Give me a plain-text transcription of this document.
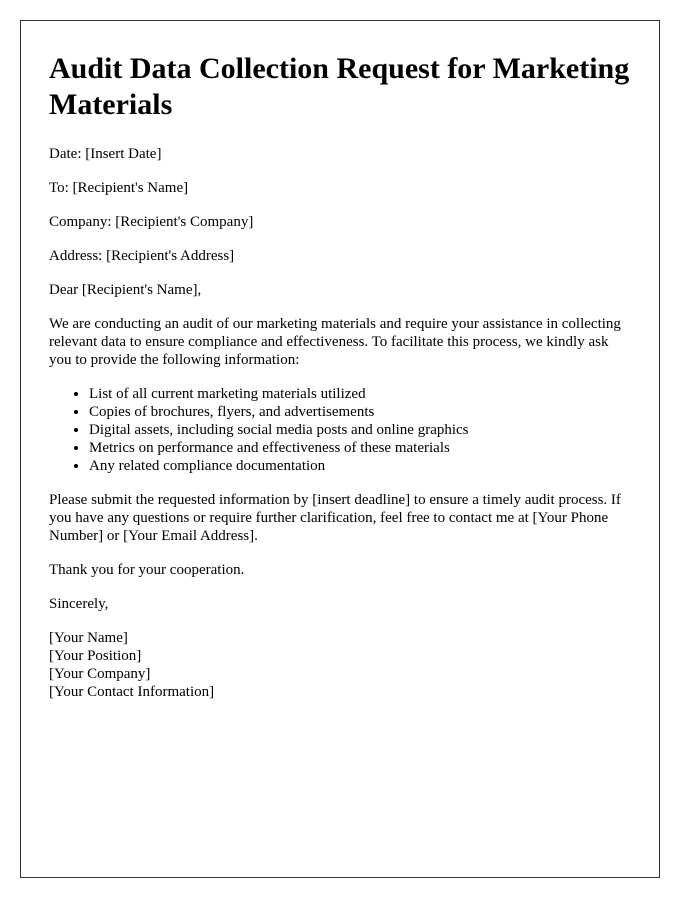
Audit Data Collection Request for Marketing Materials

Date: [Insert Date]

To: [Recipient's Name]

Company: [Recipient's Company]

Address: [Recipient's Address]

Dear [Recipient's Name],

We are conducting an audit of our marketing materials and require your assistance in collecting relevant data to ensure compliance and effectiveness. To facilitate this process, we kindly ask you to provide the following information:

• List of all current marketing materials utilized
• Copies of brochures, flyers, and advertisements
• Digital assets, including social media posts and online graphics
• Metrics on performance and effectiveness of these materials
• Any related compliance documentation

Please submit the requested information by [insert deadline] to ensure a timely audit process. If you have any questions or require further clarification, feel free to contact me at [Your Phone Number] or [Your Email Address].

Thank you for your cooperation.

Sincerely,

[Your Name]

[Your Position]

[Your Company]

[Your Contact Information]
